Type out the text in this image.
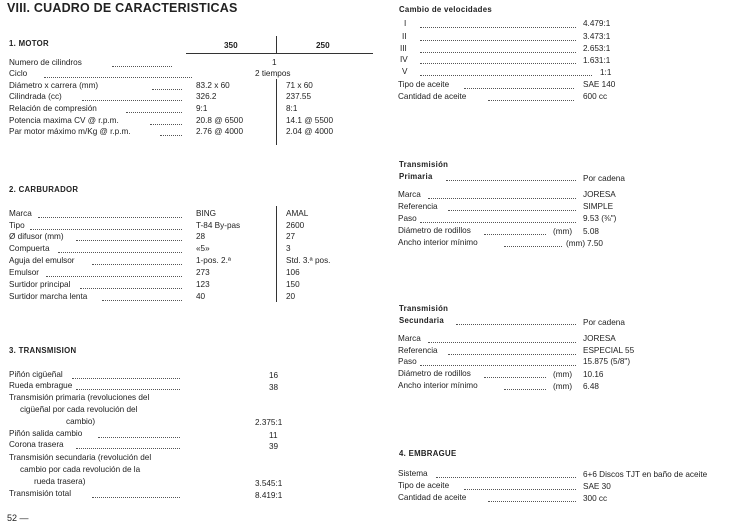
VIII. CUADRO DE CARACTERISTICAS
1. MOTOR	350	250
Numero de cilindros	1
Ciclo	2 tiempos
Diámetro x carrera (mm)	83.2 x 60	71 x 60
Cilindrada (cc)	326.2	237.55
Relación de compresión	9:1	8:1
Potencia maxima CV @ r.p.m.	20.8 @ 6500	14.1 @ 5500
Par motor máximo m/Kg @ r.p.m.	2.76 @ 4000	2.04 @ 4000
2. CARBURADOR
Marca	BING	AMAL
Tipo	T-84 By-pas	2600
Ø difusor (mm)	28	27
Compuerta	«5»	3
Aguja del emulsor	1-pos. 2.ª	Std. 3.ª pos.
Emulsor	273	106
Surtidor principal	123	150
Surtidor marcha lenta	40	20
3. TRANSMISION
Piñón cigüeñal	16
Rueda embrague	38
Transmisión primaria (revoluciones del
cigüeñal por cada revolución del
cambio)	2.375:1
Piñón salida cambio	11
Corona trasera	39
Transmisión secundaria (revolución del
cambio por cada revolución de la
rueda trasera)	3.545:1
Transmisión total	8.419:1
52 —
Cambio de velocidades
I	4.479:1
II	3.473:1
III	2.653:1
IV	1.631:1
V	1:1
Tipo de aceite	SAE 140
Cantidad de aceite	600 cc
Transmisión
Primaria	Por cadena
Marca	JORESA
Referencia	SIMPLE
Paso	9.53 (⅜")
Diámetro de rodillos	(mm) 5.08
Ancho interior mínimo	(mm) 7.50
Transmisión
Secundaria	Por cadena
Marca	JORESA
Referencia	ESPECIAL 55
Paso	15.875 (5/8")
Diámetro de rodillos	(mm) 10.16
Ancho interior mínimo	(mm) 6.48
4. EMBRAGUE
Sistema	6+6 Discos TJT en baño de aceite
Tipo de aceite	SAE 30
Cantidad de aceite	300 cc
